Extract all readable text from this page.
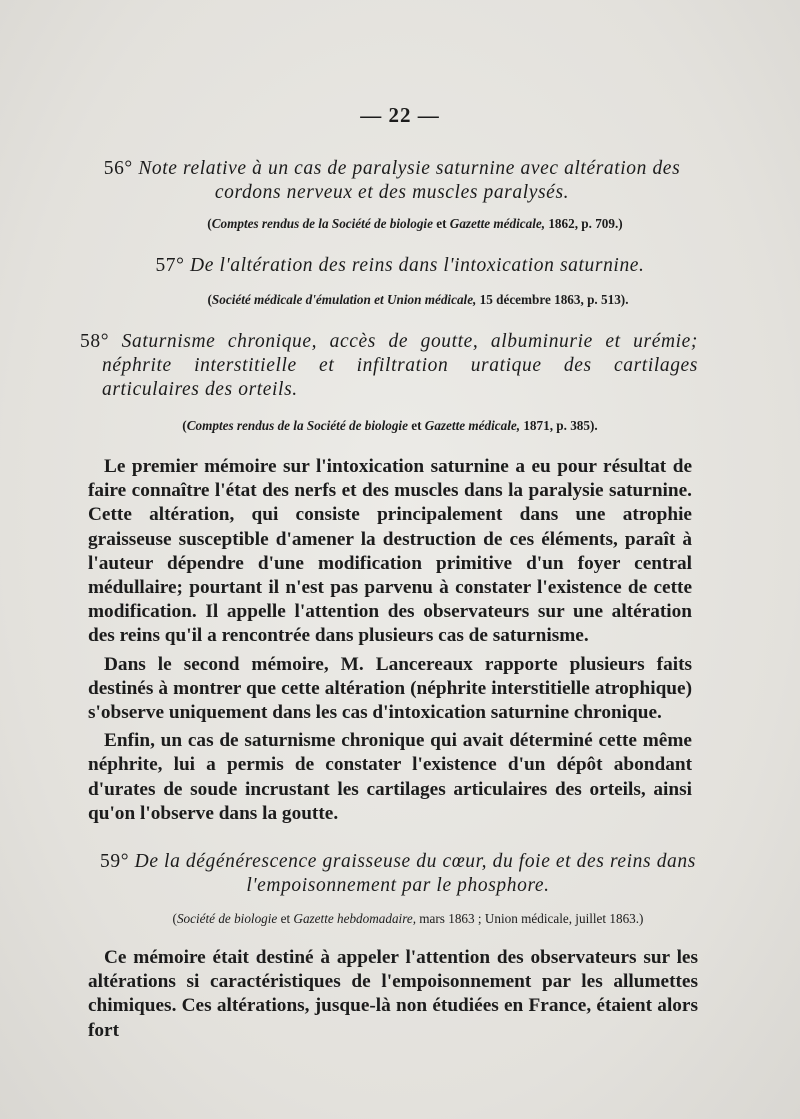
— 22 —
56° Note relative à un cas de paralysie saturnine avec altération des cordons nerveux et des muscles paralysés.
(Comptes rendus de la Société de biologie et Gazette médicale, 1862, p. 709.)
57° De l'altération des reins dans l'intoxication saturnine.
(Société médicale d'émulation et Union médicale, 15 décembre 1863, p. 513).
58° Saturnisme chronique, accès de goutte, albuminurie et urémie; néphrite interstitielle et infiltration uratique des cartilages articulaires des orteils.
(Comptes rendus de la Société de biologie et Gazette médicale, 1871, p. 385).

Le premier mémoire sur l'intoxication saturnine a eu pour résultat de faire connaître l'état des nerfs et des muscles dans la paralysie saturnine. Cette altération, qui consiste principalement dans une atrophie graisseuse susceptible d'amener la destruction de ces éléments, paraît à l'auteur dépendre d'une modification primitive d'un foyer central médullaire; pourtant il n'est pas parvenu à constater l'existence de cette modification. Il appelle l'attention des observateurs sur une altération des reins qu'il a rencontrée dans plusieurs cas de saturnisme.

Dans le second mémoire, M. Lancereaux rapporte plusieurs faits destinés à montrer que cette altération (néphrite interstitielle atrophique) s'observe uniquement dans les cas d'intoxication saturnine chronique.

Enfin, un cas de saturnisme chronique qui avait déterminé cette même néphrite, lui a permis de constater l'existence d'un dépôt abondant d'urates de soude incrustant les cartilages articulaires des orteils, ainsi qu'on l'observe dans la goutte.

59° De la dégénérescence graisseuse du cœur, du foie et des reins dans l'empoisonnement par le phosphore.
(Société de biologie et Gazette hebdomadaire, mars 1863 ; Union médicale, juillet 1863.)

Ce mémoire était destiné à appeler l'attention des observateurs sur les altérations si caractéristiques de l'empoisonnement par les allumettes chimiques. Ces altérations, jusque-là non étudiées en France, étaient alors fort
